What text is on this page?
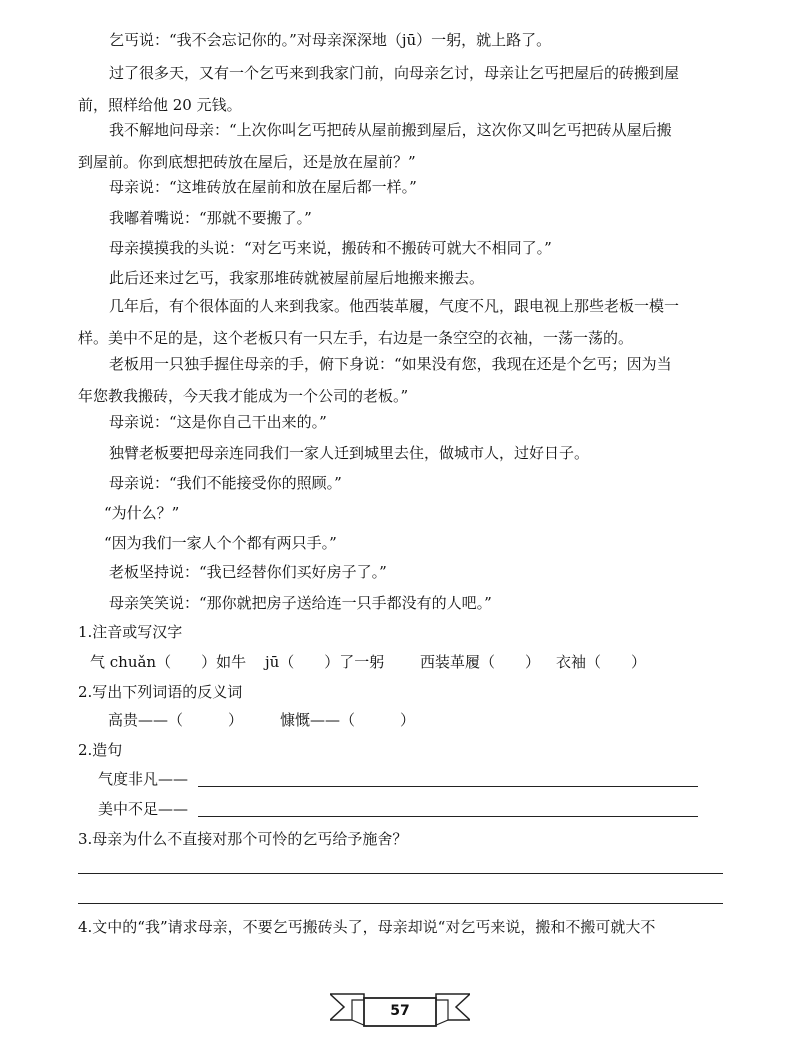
乞丐说：“我不会忘记你的。”对母亲深深地（jū）一躬，就上路了。
过了很多天，又有一个乞丐来到我家门前，向母亲乞讨，母亲让乞丐把屋后的砖搬到屋
前，照样给他 20 元钱。
我不解地问母亲：“上次你叫乞丐把砖从屋前搬到屋后，这次你又叫乞丐把砖从屋后搬
到屋前。你到底想把砖放在屋后，还是放在屋前？”
母亲说：“这堆砖放在屋前和放在屋后都一样。”
我嘟着嘴说：“那就不要搬了。”
母亲摸摸我的头说：“对乞丐来说，搬砖和不搬砖可就大不相同了。”
此后还来过乞丐，我家那堆砖就被屋前屋后地搬来搬去。
几年后，有个很体面的人来到我家。他西装革履，气度不凡，跟电视上那些老板一模一
样。美中不足的是，这个老板只有一只左手，右边是一条空空的衣袖，一荡一荡的。
老板用一只独手握住母亲的手，俯下身说：“如果没有您，我现在还是个乞丐；因为当
年您教我搬砖，今天我才能成为一个公司的老板。”
母亲说：“这是你自己干出来的。”
独臂老板要把母亲连同我们一家人迁到城里去住，做城市人，过好日子。
母亲说：“我们不能接受你的照顾。”
“为什么？”
“因为我们一家人个个都有两只手。”
老板坚持说：“我已经替你们买好房子了。”
母亲笑笑说：“那你就把房子送给连一只手都没有的人吧。”
1.注音或写汉字
气 chuǎn（　　）如牛 jū（　　）了一躬 西装革履（　　） 衣袖（　　）
2.写出下列词语的反义词
高贵——（　　　） 慷慨——（　　　）
2.造句
气度非凡——
美中不足——
3.母亲为什么不直接对那个可怜的乞丐给予施舍？
4.文中的“我”请求母亲，不要乞丐搬砖头了，母亲却说“对乞丐来说，搬和不搬可就大不
57
